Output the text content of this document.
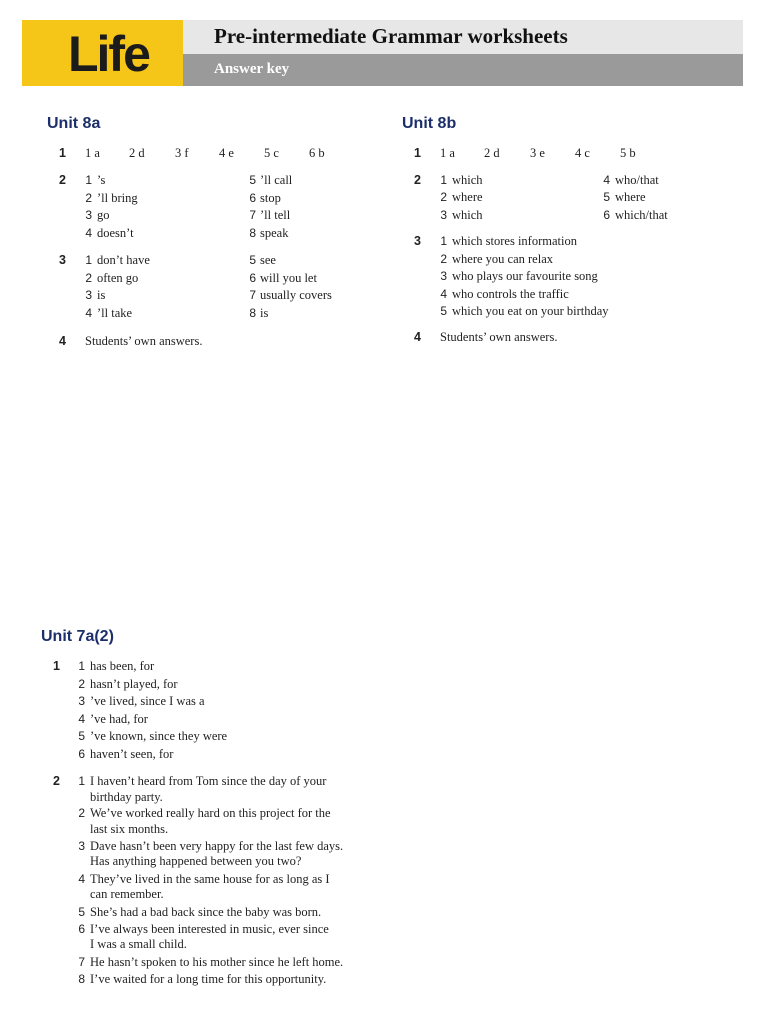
Life	Pre-intermediate Grammar worksheets
Answer key
Unit 8a
1 1 a 2 d 3 f 4 e 5 c 6 b
2	1 ’s
2 ’ll bring
3 go
4 doesn’t
5 ’ll call
6 stop
7 ’ll tell
8 speak
3	1 don’t have
2 often go
3 is
4 ’ll take
5 see
6 will you let
7 usually covers
8 is
4 Students’ own answers.
Unit 8b
1 1 a 2 d 3 e 4 c 5 b
2	1 which
2 where
3 which
4 who/that
5 where
6 which/that
3	1 which stores information
2 where you can relax
3 who plays our favourite song
4 who controls the traffic
5 which you eat on your birthday
4 Students’ own answers.
Unit 7a(2)
1	1 has been, for
2 hasn’t played, for
3 ’ve lived, since I was a
4 ’ve had, for
5 ’ve known, since they were
6 haven’t seen, for
2	1 I haven’t heard from Tom since the day of your
birthday party.
2 We’ve worked really hard on this project for the
last six months.
3 Dave hasn’t been very happy for the last few days.
Has anything happened between you two?
4 They’ve lived in the same house for as long as I
can remember.
5 She’s had a bad back since the baby was born.
6 I’ve always been interested in music, ever since
I was a small child.
7 He hasn’t spoken to his mother since he left home.
8 I’ve waited for a long time for this opportunity.
